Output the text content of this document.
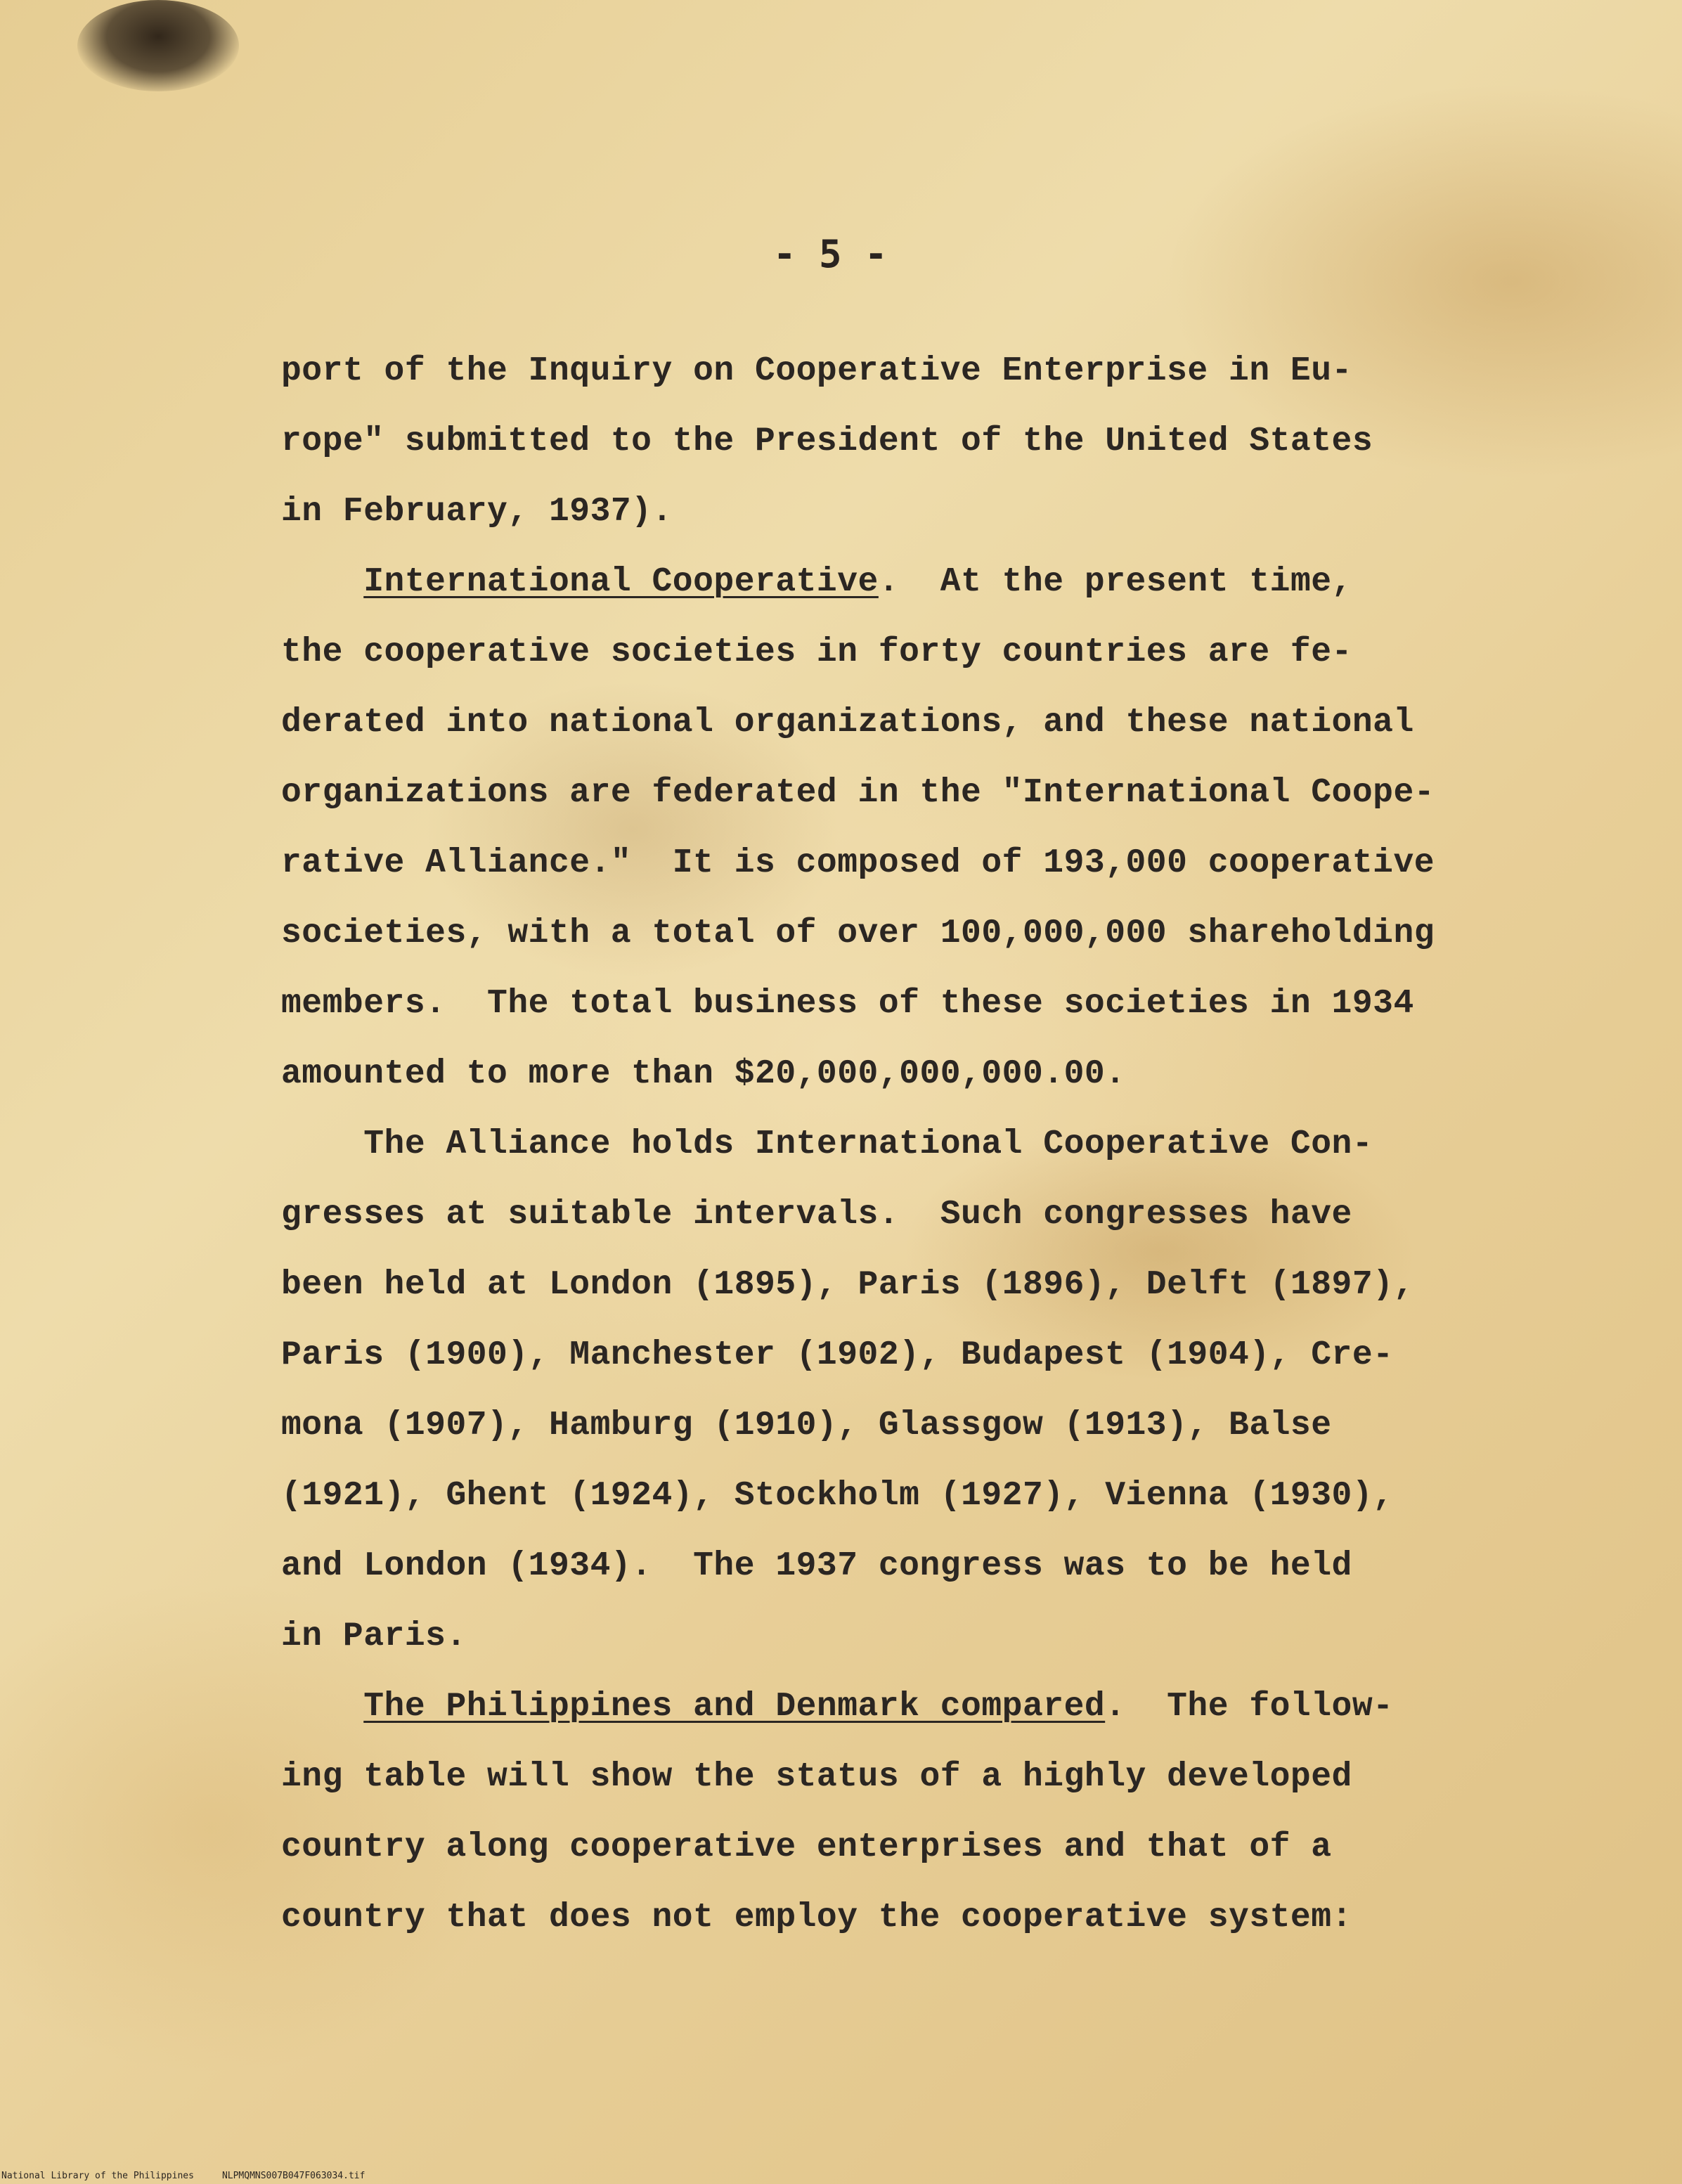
- 5 -
port of the Inquiry on Cooperative Enterprise in Eu-
rope" submitted to the President of the United States
in February, 1937).
International Cooperative.  At the present time,
the cooperative societies in forty countries are fe-
derated into national organizations, and these national
organizations are federated in the "International Coope-
rative Alliance."  It is composed of 193,000 cooperative
societies, with a total of over 100,000,000 shareholding
members.  The total business of these societies in 1934
amounted to more than $20,000,000,000.00.
The Alliance holds International Cooperative Con-
gresses at suitable intervals.  Such congresses have
been held at London (1895), Paris (1896), Delft (1897),
Paris (1900), Manchester (1902), Budapest (1904), Cre-
mona (1907), Hamburg (1910), Glassgow (1913), Balse
(1921), Ghent (1924), Stockholm (1927), Vienna (1930),
and London (1934).  The 1937 congress was to be held
in Paris.
The Philippines and Denmark compared.  The follow-
ing table will show the status of a highly developed
country along cooperative enterprises and that of a
country that does not employ the cooperative system:
National Library of the Philippines	NLPMQMNS007B047F063034.tif
